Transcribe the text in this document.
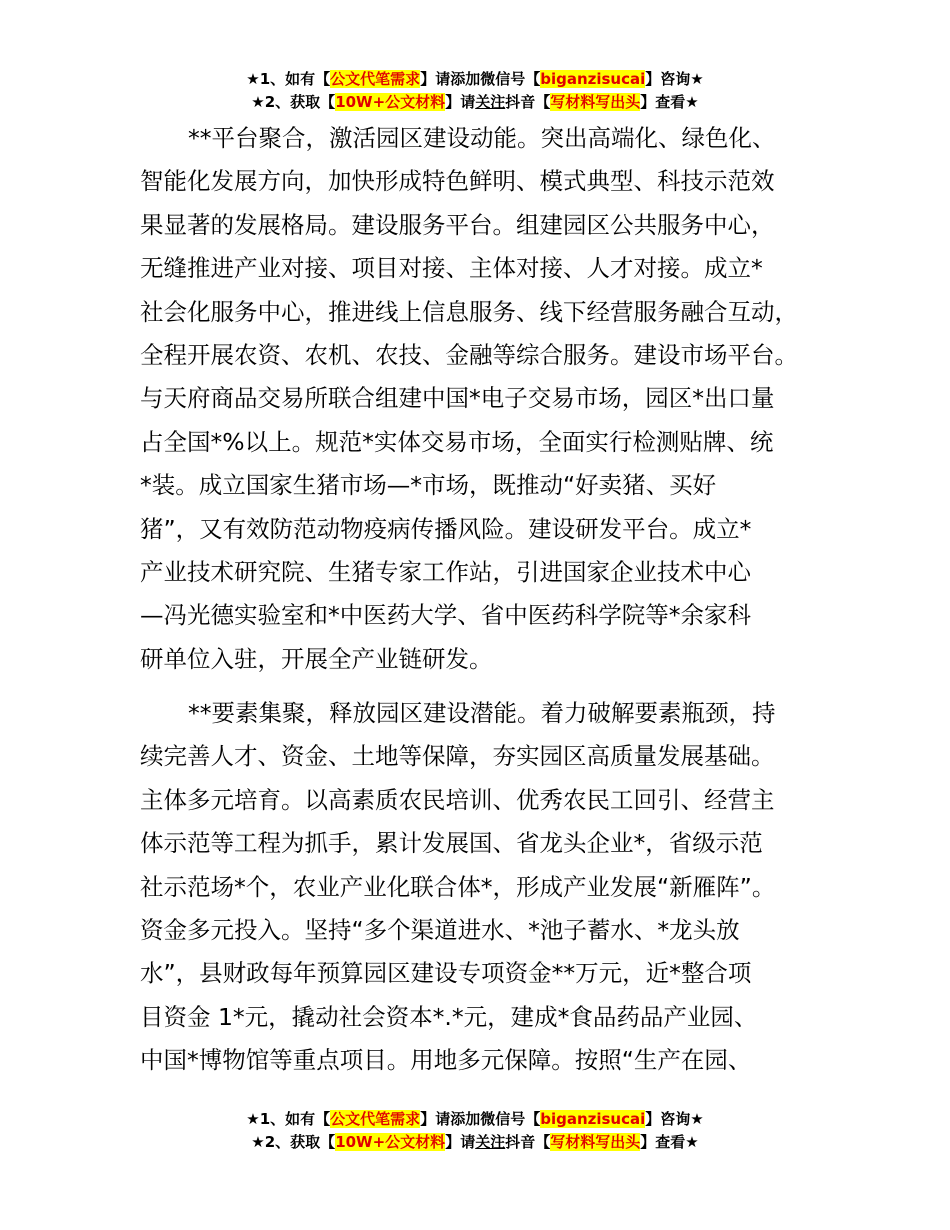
★1、如有【公文代笔需求】请添加微信号【biganzisucai】咨询★
★2、获取【10W+公文材料】请关注抖音【写材料写出头】查看★
**平台聚合，激活园区建设动能。突出高端化、绿色化、
智能化发展方向，加快形成特色鲜明、模式典型、科技示范效
果显著的发展格局。建设服务平台。组建园区公共服务中心，
无缝推进产业对接、项目对接、主体对接、人才对接。成立*
社会化服务中心，推进线上信息服务、线下经营服务融合互动，
全程开展农资、农机、农技、金融等综合服务。建设市场平台。
与天府商品交易所联合组建中国*电子交易市场，园区*出口量
占全国*%以上。规范*实体交易市场，全面实行检测贴牌、统
*装。成立国家生猪市场—*市场，既推动“好卖猪、买好
猪”，又有效防范动物疫病传播风险。建设研发平台。成立*
产业技术研究院、生猪专家工作站，引进国家企业技术中心
—冯光德实验室和*中医药大学、省中医药科学院等*余家科
研单位入驻，开展全产业链研发。
**要素集聚，释放园区建设潜能。着力破解要素瓶颈，持
续完善人才、资金、土地等保障，夯实园区高质量发展基础。
主体多元培育。以高素质农民培训、优秀农民工回引、经营主
体示范等工程为抓手，累计发展国、省龙头企业*，省级示范
社示范场*个，农业产业化联合体*，形成产业发展“新雁阵”。
资金多元投入。坚持“多个渠道进水、*池子蓄水、*龙头放
水”，县财政每年预算园区建设专项资金**万元，近*整合项
目资金 1*元，撬动社会资本*.*元，建成*食品药品产业园、
中国*博物馆等重点项目。用地多元保障。按照“生产在园、
★1、如有【公文代笔需求】请添加微信号【biganzisucai】咨询★
★2、获取【10W+公文材料】请关注抖音【写材料写出头】查看★
